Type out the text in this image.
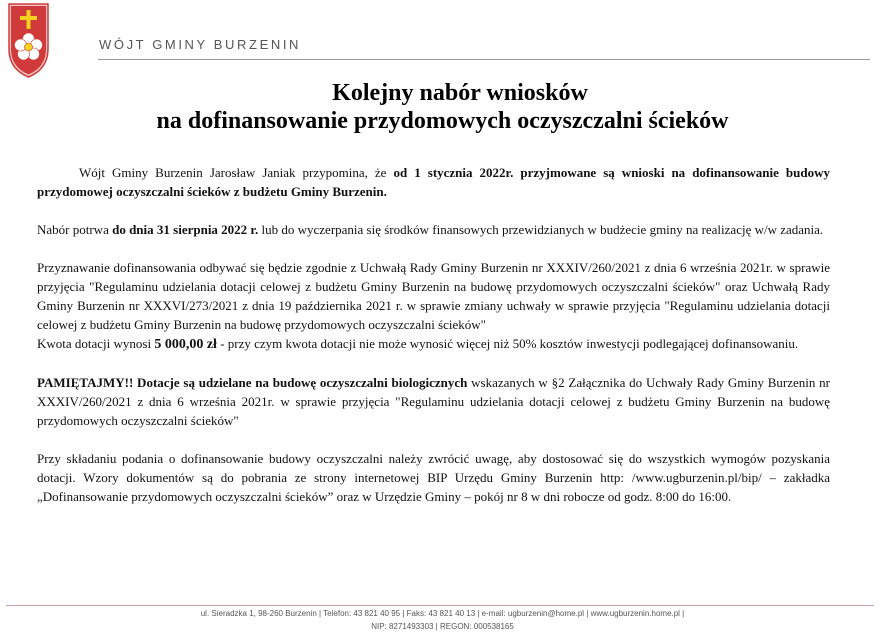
WÓJT GMINY BURZENIN
Kolejny nabór wniosków
na dofinansowanie przydomowych oczyszczalni ścieków

Wójt Gminy Burzenin Jarosław Janiak przypomina, że od 1 stycznia 2022r. przyjmowane są wnioski na dofinansowanie budowy przydomowej oczyszczalni ścieków z budżetu Gminy Burzenin.

Nabór potrwa do dnia 31 sierpnia 2022 r. lub do wyczerpania się środków finansowych przewidzianych w budżecie gminy na realizację w/w zadania.

Przyznawanie dofinansowania odbywać się będzie zgodnie z Uchwałą Rady Gminy Burzenin nr XXXIV/260/2021 z dnia 6 września 2021r. w sprawie przyjęcia "Regulaminu udzielania dotacji celowej z budżetu Gminy Burzenin na budowę przydomowych oczyszczalni ścieków" oraz Uchwałą Rady Gminy Burzenin nr XXXVI/273/2021 z dnia 19 października 2021 r. w sprawie zmiany uchwały w sprawie przyjęcia "Regulaminu udzielania dotacji celowej z budżetu Gminy Burzenin na budowę przydomowych oczyszczalni ścieków"

Kwota dotacji wynosi 5 000,00 zł - przy czym kwota dotacji nie może wynosić więcej niż 50% kosztów inwestycji podlegającej dofinansowaniu.

PAMIĘTAJMY!! Dotacje są udzielane na budowę oczyszczalni biologicznych wskazanych w §2 Załącznika do Uchwały Rady Gminy Burzenin nr XXXIV/260/2021 z dnia 6 września 2021r. w sprawie przyjęcia "Regulaminu udzielania dotacji celowej z budżetu Gminy Burzenin na budowę przydomowych oczyszczalni ścieków"

Przy składaniu podania o dofinansowanie budowy oczyszczalni należy zwrócić uwagę, aby dostosować się do wszystkich wymogów pozyskania dotacji. Wzory dokumentów są do pobrania ze strony internetowej BIP Urzędu Gminy Burzenin http: /www.ugburzenin.pl/bip/ – zakładka „Dofinansowanie przydomowych oczyszczalni ścieków” oraz w Urzędzie Gminy – pokój nr 8 w dni robocze od godz. 8:00 do 16:00.

ul. Sieradzka 1, 98-260 Burzenin | Telefon: 43 821 40 95 | Faks: 43 821 40 13 | e-mail: ugburzenin@home.pl | www.ugburzenin.home.pl |
NIP: 8271493303 | REGON: 000538165
